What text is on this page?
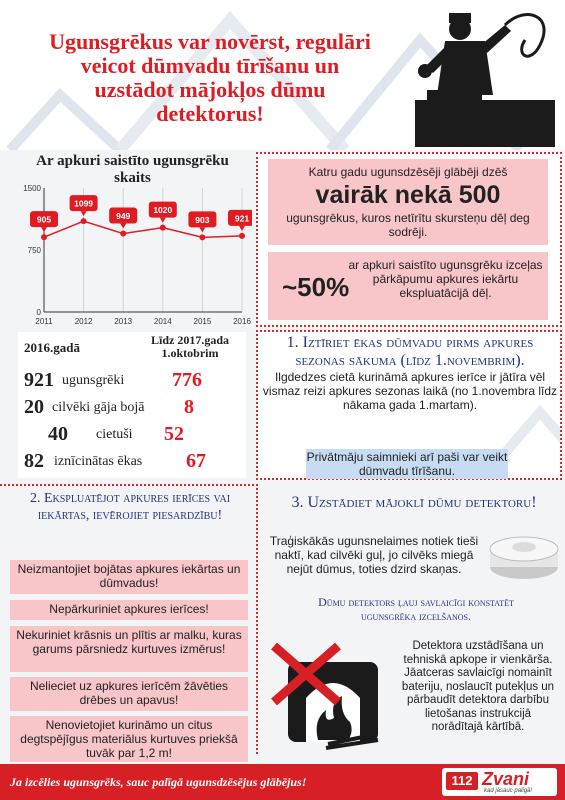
Ugunsgrēkus var novērst, regulāri veicot dūmvadu tīrīšanu un uzstādot mājokļos dūmu detektorus!
Ar apkuri saistīto ugunsgrēku skaits
0
750
1500
2011	2012	2013	2014	2015	2016
905
1099
949
1020
903	921
2016.gadā	Līdz 2017.gada 1.oktobrim
921 ugunsgrēki 776
20 cilvēki gāja bojā 8
40 cietuši 52
82 iznīcinātas ēkas 67
Katru gadu ugunsdzēsēji glābēji dzēš
vairāk nekā 500
ugunsgrēkus, kuros netīrītu skursteņu dēļ deg sodrēji.
~50%
ar apkuri saistīto ugunsgrēku izceļas pārkāpumu apkures iekārtu ekspluatācijā dēļ.
1. Iztīriet ēkas dūmvadu pirms apkures sezonas sākuma (līdz 1.novembrim).
Ilgdedzes cietā kurināmā apkures ierīce ir jātīra vēl vismaz reizi apkures sezonas laikā (no 1.novembra līdz nākama gada 1.martam).
Privātmāju saimnieki arī paši var veikt dūmvadu tīrīšanu.
2. Ekspluatējot apkures ierīces vai iekārtas, ievērojiet piesardzību!
Neizmantojiet bojātas apkures iekārtas un dūmvadus!
Nepārkuriniet apkures ierīces!
Nekuriniet krāsnis un plītis ar malku, kuras garums pārsniedz kurtuves izmērus!
Nelieciet uz apkures ierīcēm žāvēties drēbes un apavus!
Nenovietojiet kurināmo un citus degtspējīgus materiālus kurtuves priekšā tuvāk par 1,2 m!
3. Uzstādiet mājoklī dūmu detektoru!
Traģiskākās ugunsnelaimes notiek tieši naktī, kad cilvēki guļ, jo cilvēks miegā nejūt dūmus, toties dzird skaņas.
Dūmu detektors ļauj savlaicīgi konstatēt ugunsgrēka izcelšanos.
Detektora uzstādīšana un tehniskā apkope ir vienkārša. Jāatceras savlaicīgi nomainīt bateriju, noslaucīt putekļus un pārbaudīt detektora darbību lietošanas instrukcijā norādītajā kārtībā.
Ja izcēlies ugunsgrēks, sauc palīgā ugunsdzēsējus glābējus!	112 Zvani
kad jāsauc palīgā!
